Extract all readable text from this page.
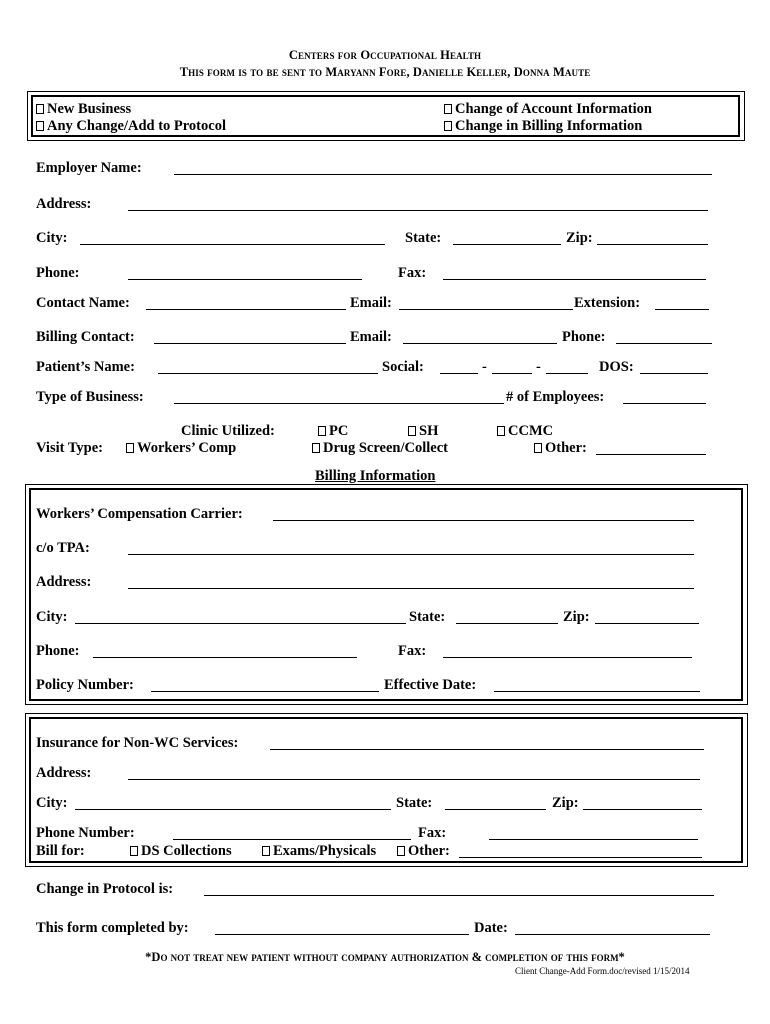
Centers for Occupational Health
This form is to be sent to Maryann Fore, Danielle Keller, Donna Maute
New Business
Any Change/Add to Protocol
Change of Account Information
Change in Billing Information
Employer Name:
Address:
City:	State:	Zip:
Phone:	Fax:
Contact Name:	Email:	Extension:
Billing Contact:	Email:	Phone:
Patient’s Name:	Social:	-	-	DOS:
Type of Business:	# of Employees:
Clinic Utilized:	PC	SH	CCMC
Visit Type:	Workers’ Comp	Drug Screen/Collect	Other:
Billing Information
Workers’ Compensation Carrier:
c/o TPA:
Address:
City:	State:	Zip:
Phone:	Fax:
Policy Number:	Effective Date:
Insurance for Non-WC Services:
Address:
City:	State:	Zip:
Phone Number:	Fax:
Bill for:	DS Collections	Exams/Physicals	Other:
Change in Protocol is:
This form completed by:	Date:
*Do not treat new patient without company authorization & completion of this form*
Client Change-Add Form.doc/revised 1/15/2014
